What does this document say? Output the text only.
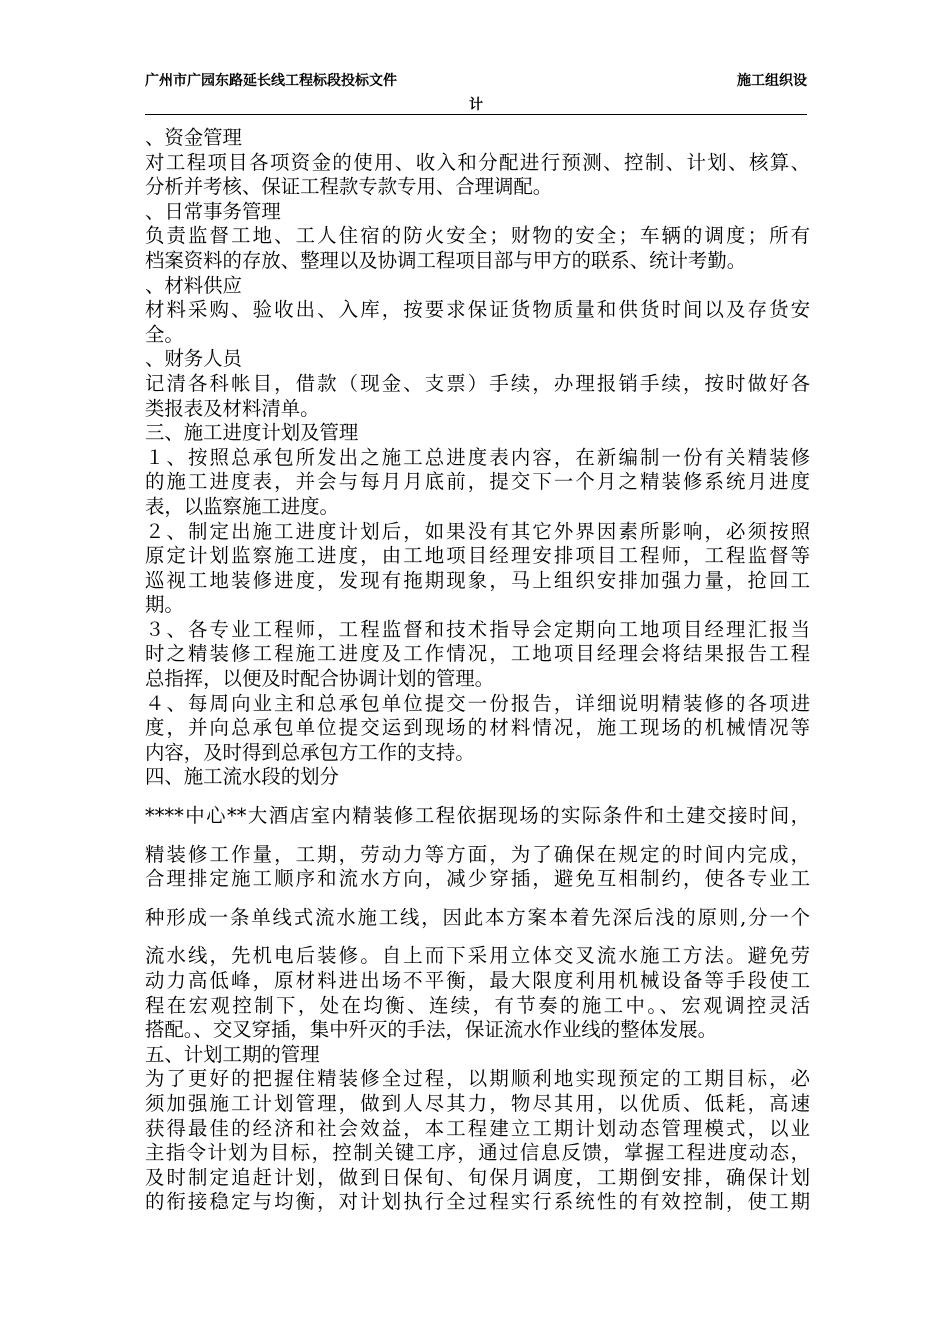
广州市广园东路延长线工程标段投标文件	施工组织设
计
、资金管理
对工程项目各项资金的使用、收入和分配进行预测、控制、计划、核算、
分析并考核、保证工程款专款专用、合理调配。
、日常事务管理
负责监督工地、工人住宿的防火安全；财物的安全；车辆的调度；所有
档案资料的存放、整理以及协调工程项目部与甲方的联系、统计考勤。
、材料供应
材料采购、验收出、入库，按要求保证货物质量和供货时间以及存货安
全。
、财务人员
记清各科帐目，借款（现金、支票）手续，办理报销手续，按时做好各
类报表及材料清单。
三、施工进度计划及管理
１、按照总承包所发出之施工总进度表内容，在新编制一份有关精装修
的施工进度表，并会与每月月底前，提交下一个月之精装修系统月进度
表，以监察施工进度。
２、制定出施工进度计划后，如果没有其它外界因素所影响，必须按照
原定计划监察施工进度，由工地项目经理安排项目工程师，工程监督等
巡视工地装修进度，发现有拖期现象，马上组织安排加强力量，抢回工
期。
３、各专业工程师，工程监督和技术指导会定期向工地项目经理汇报当
时之精装修工程施工进度及工作情况，工地项目经理会将结果报告工程
总指挥，以便及时配合协调计划的管理。
４、每周向业主和总承包单位提交一份报告，详细说明精装修的各项进
度，并向总承包单位提交运到现场的材料情况，施工现场的机械情况等
内容，及时得到总承包方工作的支持。
四、施工流水段的划分
****中心**大酒店室内精装修工程依据现场的实际条件和土建交接时间，
精装修工作量，工期，劳动力等方面，为了确保在规定的时间内完成，
合理排定施工顺序和流水方向，减少穿插，避免互相制约，使各专业工
种形成一条单线式流水施工线，因此本方案本着先深后浅的原则,分一个
流水线，先机电后装修。自上而下采用立体交叉流水施工方法。避免劳
动力高低峰，原材料进出场不平衡，最大限度利用机械设备等手段使工
程在宏观控制下，处在均衡、连续，有节奏的施工中。、宏观调控灵活
搭配。、交叉穿插，集中歼灭的手法，保证流水作业线的整体发展。
五、计划工期的管理
为了更好的把握住精装修全过程，以期顺利地实现预定的工期目标，必
须加强施工计划管理，做到人尽其力，物尽其用，以优质、低耗，高速
获得最佳的经济和社会效益，本工程建立工期计划动态管理模式，以业
主指令计划为目标，控制关键工序，通过信息反馈，掌握工程进度动态，
及时制定追赶计划，做到日保旬、旬保月调度，工期倒安排，确保计划
的衔接稳定与均衡，对计划执行全过程实行系统性的有效控制，使工期
